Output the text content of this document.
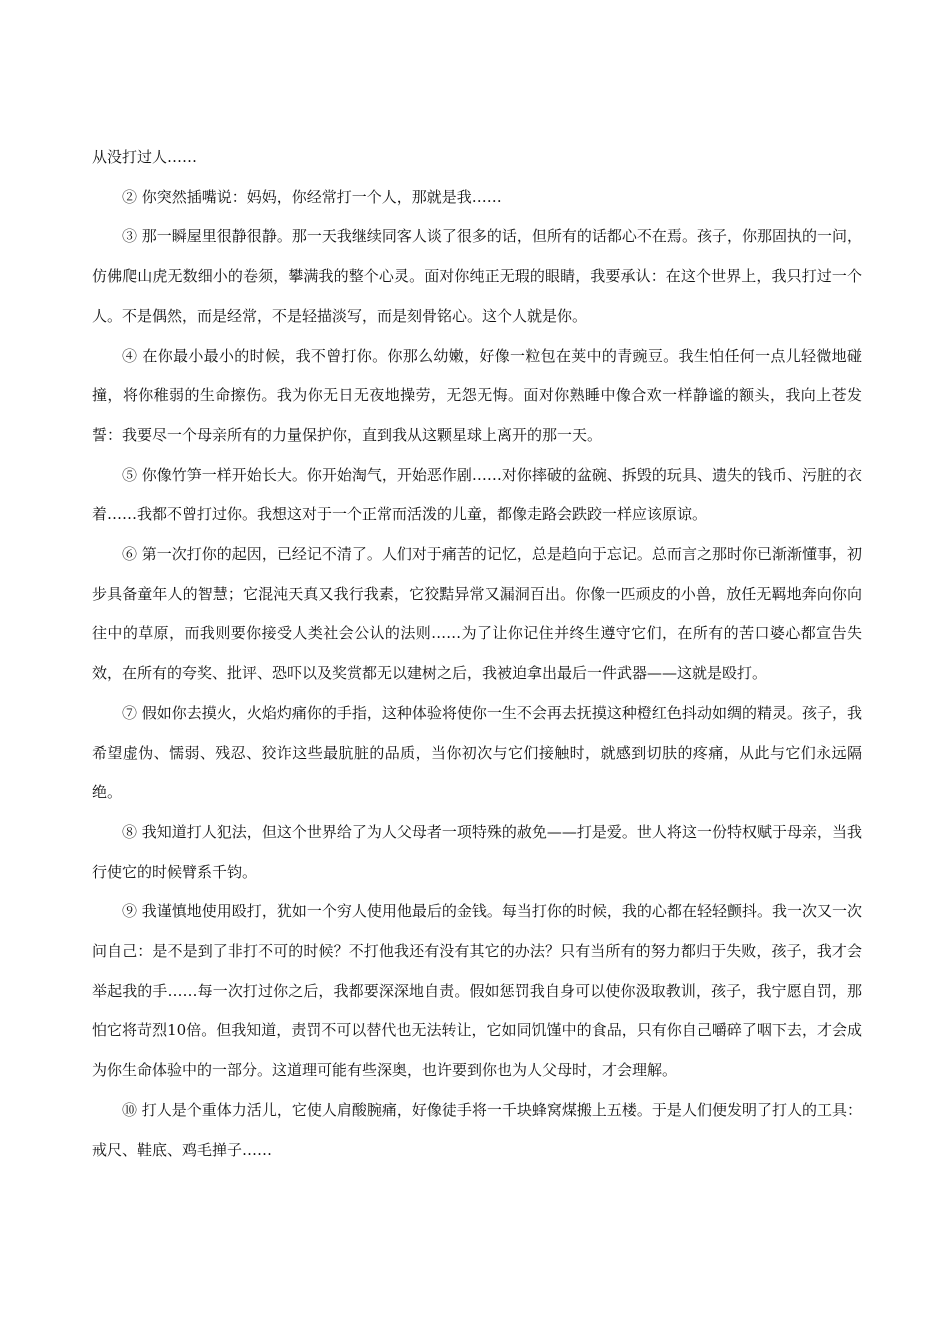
从没打过人……

② 你突然插嘴说：妈妈，你经常打一个人，那就是我……

③ 那一瞬屋里很静很静。那一天我继续同客人谈了很多的话，但所有的话都心不在焉。孩子，你那固执的一问，仿佛爬山虎无数细小的卷须，攀满我的整个心灵。面对你纯正无瑕的眼睛，我要承认：在这个世界上，我只打过一个人。不是偶然，而是经常，不是轻描淡写，而是刻骨铭心。这个人就是你。

④ 在你最小最小的时候，我不曾打你。你那么幼嫩，好像一粒包在荚中的青豌豆。我生怕任何一点儿轻微地碰撞，将你稚弱的生命擦伤。我为你无日无夜地操劳，无怨无悔。面对你熟睡中像合欢一样静谧的额头，我向上苍发誓：我要尽一个母亲所有的力量保护你，直到我从这颗星球上离开的那一天。

⑤ 你像竹笋一样开始长大。你开始淘气，开始恶作剧……对你摔破的盆碗、拆毁的玩具、遗失的钱币、污脏的衣着……我都不曾打过你。我想这对于一个正常而活泼的儿童，都像走路会跌跤一样应该原谅。

⑥ 第一次打你的起因，已经记不清了。人们对于痛苦的记忆，总是趋向于忘记。总而言之那时你已渐渐懂事，初步具备童年人的智慧；它混沌天真又我行我素，它狡黠异常又漏洞百出。你像一匹顽皮的小兽，放任无羁地奔向你向往中的草原，而我则要你接受人类社会公认的法则……为了让你记住并终生遵守它们，在所有的苦口婆心都宣告失效，在所有的夸奖、批评、恐吓以及奖赏都无以建树之后，我被迫拿出最后一件武器——这就是殴打。

⑦ 假如你去摸火，火焰灼痛你的手指，这种体验将使你一生不会再去抚摸这种橙红色抖动如绸的精灵。孩子，我希望虚伪、懦弱、残忍、狡诈这些最肮脏的品质，当你初次与它们接触时，就感到切肤的疼痛，从此与它们永远隔绝。

⑧ 我知道打人犯法，但这个世界给了为人父母者一项特殊的赦免——打是爱。世人将这一份特权赋于母亲，当我行使它的时候臂系千钧。

⑨ 我谨慎地使用殴打，犹如一个穷人使用他最后的金钱。每当打你的时候，我的心都在轻轻颤抖。我一次又一次问自己：是不是到了非打不可的时候？不打他我还有没有其它的办法？只有当所有的努力都归于失败，孩子，我才会举起我的手……每一次打过你之后，我都要深深地自责。假如惩罚我自身可以使你汲取教训，孩子，我宁愿自罚，那怕它将苛烈10倍。但我知道，责罚不可以替代也无法转让，它如同饥馑中的食品，只有你自己嚼碎了咽下去，才会成为你生命体验中的一部分。这道理可能有些深奥，也许要到你也为人父母时，才会理解。

⑩ 打人是个重体力活儿，它使人肩酸腕痛，好像徒手将一千块蜂窝煤搬上五楼。于是人们便发明了打人的工具：戒尺、鞋底、鸡毛掸子……
